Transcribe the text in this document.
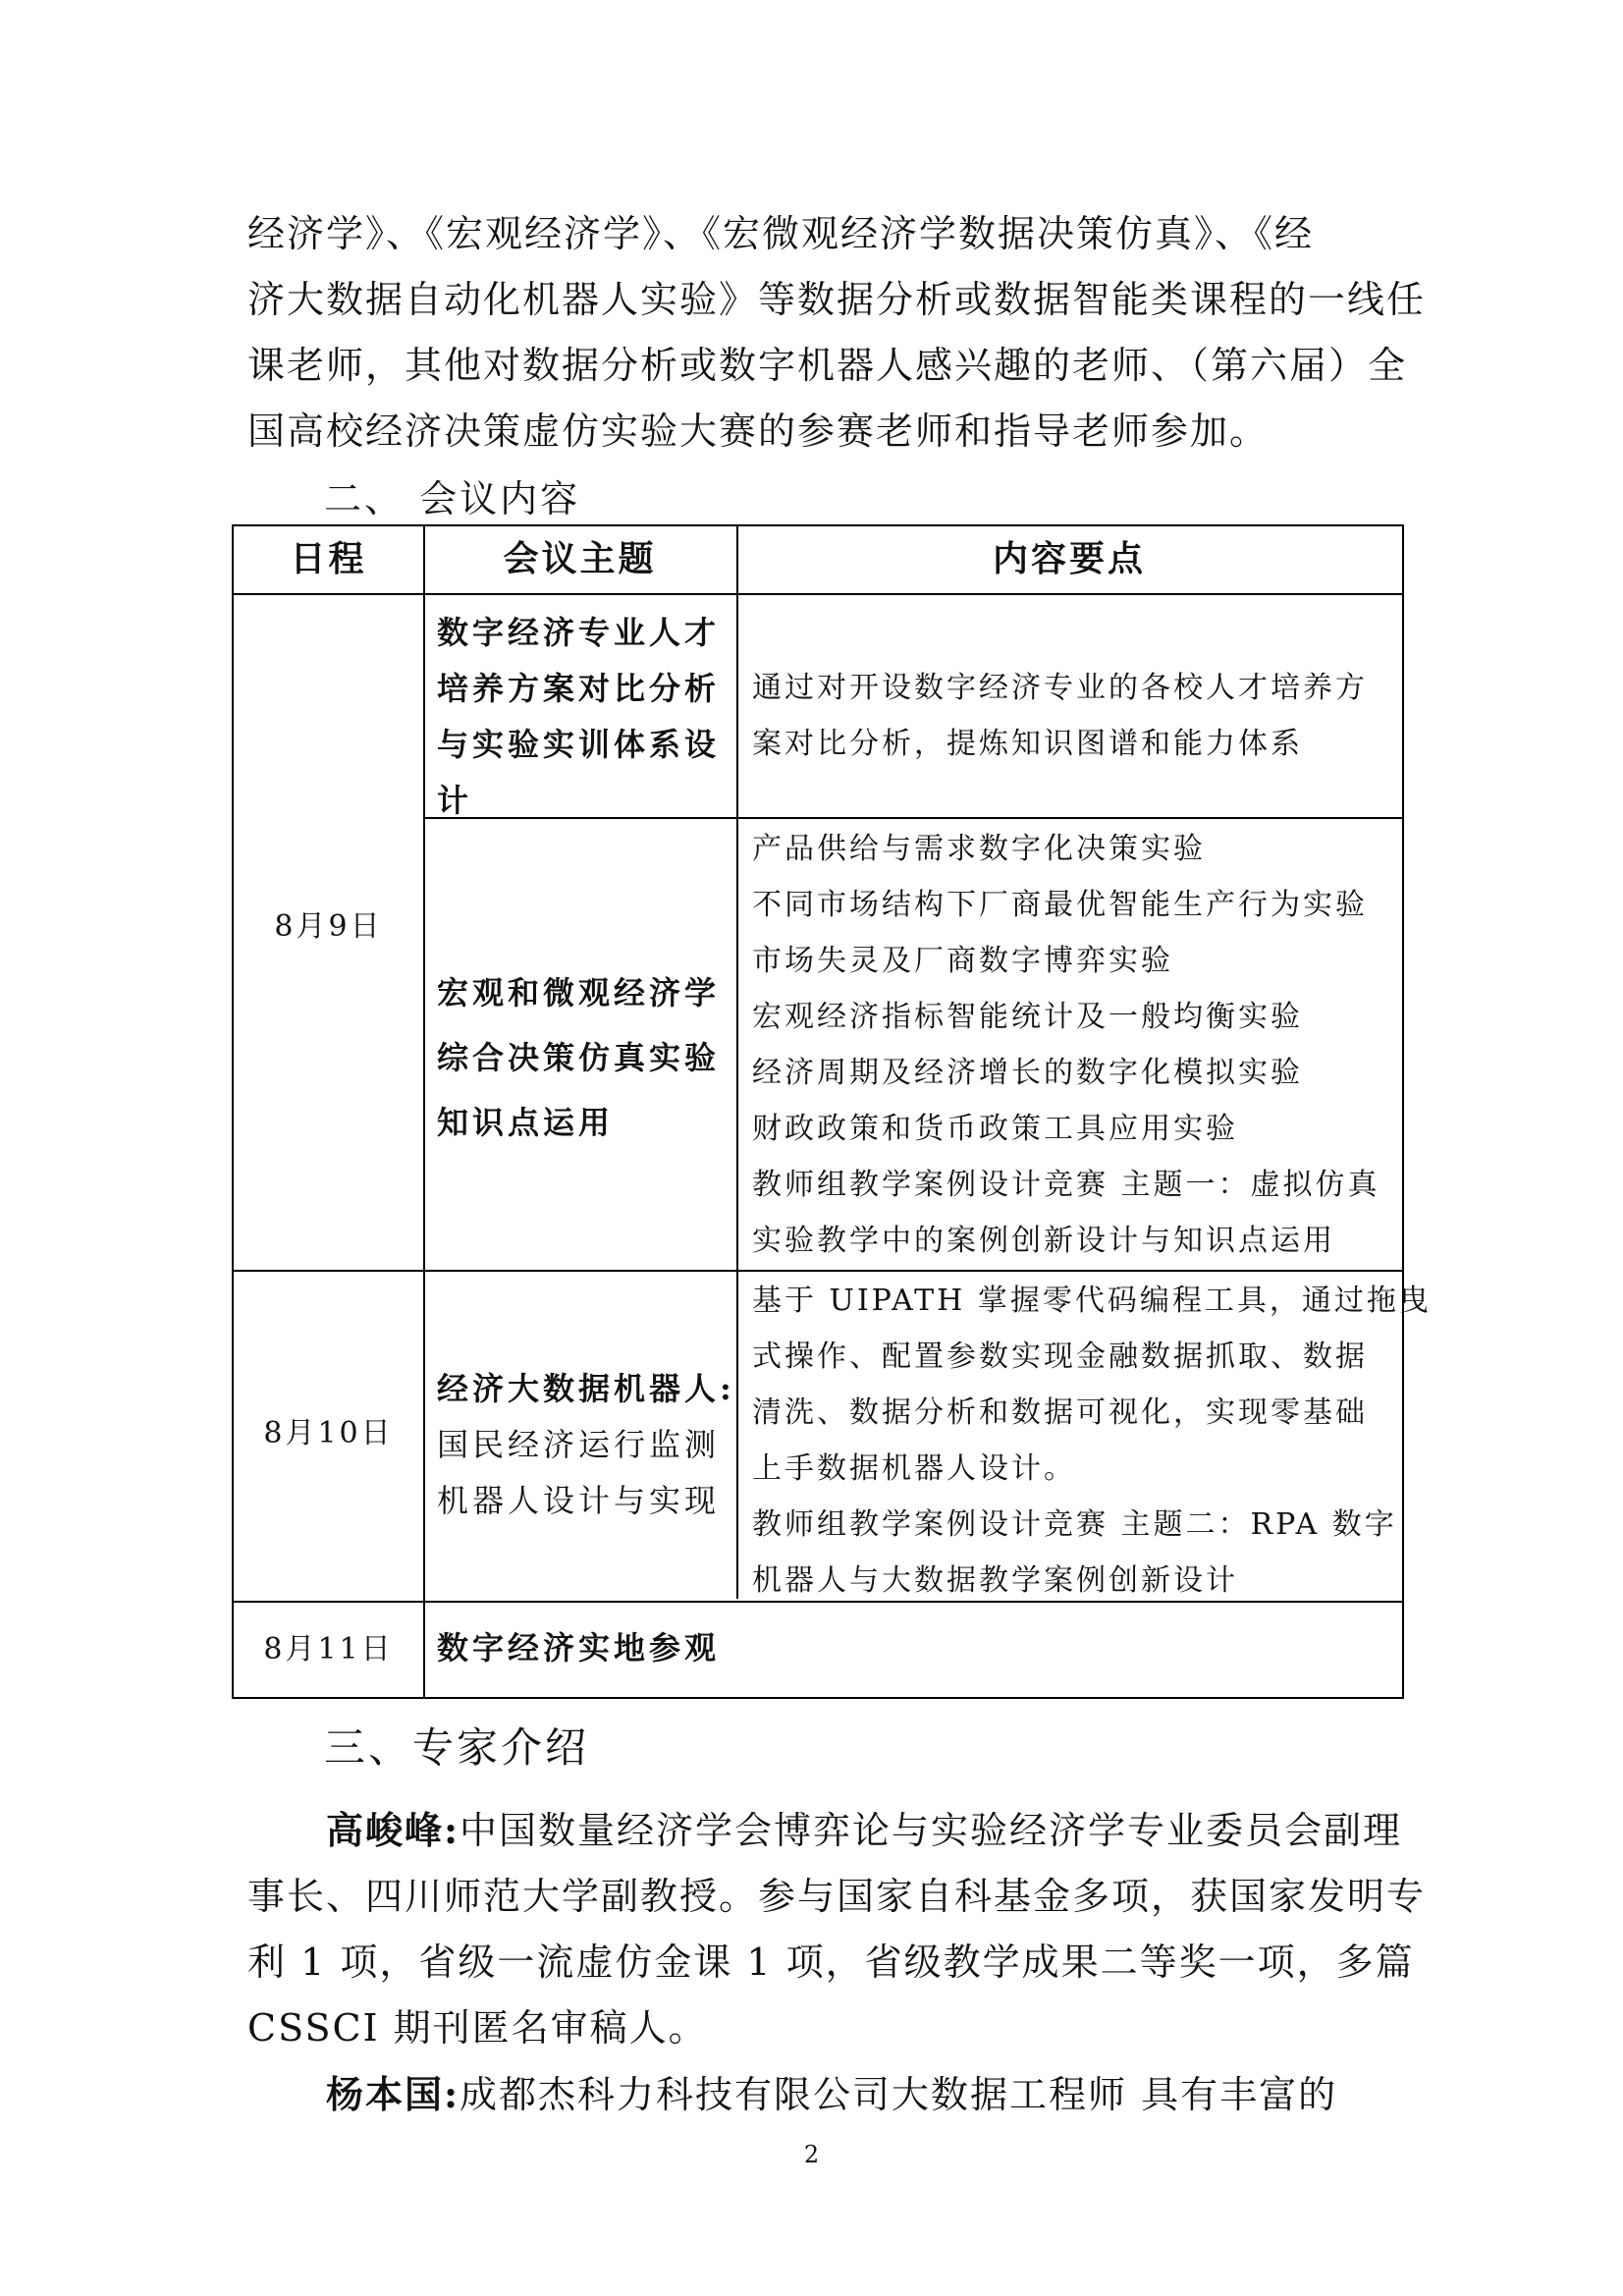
经济学》、《宏观经济学》、《宏微观经济学数据决策仿真》、《经

济大数据自动化机器人实验》等数据分析或数据智能类课程的一线任

课老师，其他对数据分析或数字机器人感兴趣的老师、（第六届）全

国高校经济决策虚仿实验大赛的参赛老师和指导老师参加。

二、 会议内容
日程	会议主题	内容要点
8月9日
8月10日
8月11日
数字经济专业人才
培养方案对比分析
与实验实训体系设
计
通过对开设数字经济专业的各校人才培养方
案对比分析，提炼知识图谱和能力体系
宏观和微观经济学
综合决策仿真实验
知识点运用
产品供给与需求数字化决策实验
不同市场结构下厂商最优智能生产行为实验
市场失灵及厂商数字博弈实验
宏观经济指标智能统计及一般均衡实验
经济周期及经济增长的数字化模拟实验
财政政策和货币政策工具应用实验
教师组教学案例设计竞赛 主题一：虚拟仿真
实验教学中的案例创新设计与知识点运用
经济大数据机器人:
国民经济运行监测
机器人设计与实现
基于 UIPATH 掌握零代码编程工具，通过拖曳
式操作、配置参数实现金融数据抓取、数据
清洗、数据分析和数据可视化，实现零基础
上手数据机器人设计。
教师组教学案例设计竞赛 主题二：RPA 数字
机器人与大数据教学案例创新设计
数字经济实地参观
三、专家介绍

高峻峰:中国数量经济学会博弈论与实验经济学专业委员会副理

事长、四川师范大学副教授。参与国家自科基金多项，获国家发明专

利 1 项，省级一流虚仿金课 1 项，省级教学成果二等奖一项，多篇

CSSCI 期刊匿名审稿人。

杨本国:成都杰科力科技有限公司大数据工程师 具有丰富的

2
